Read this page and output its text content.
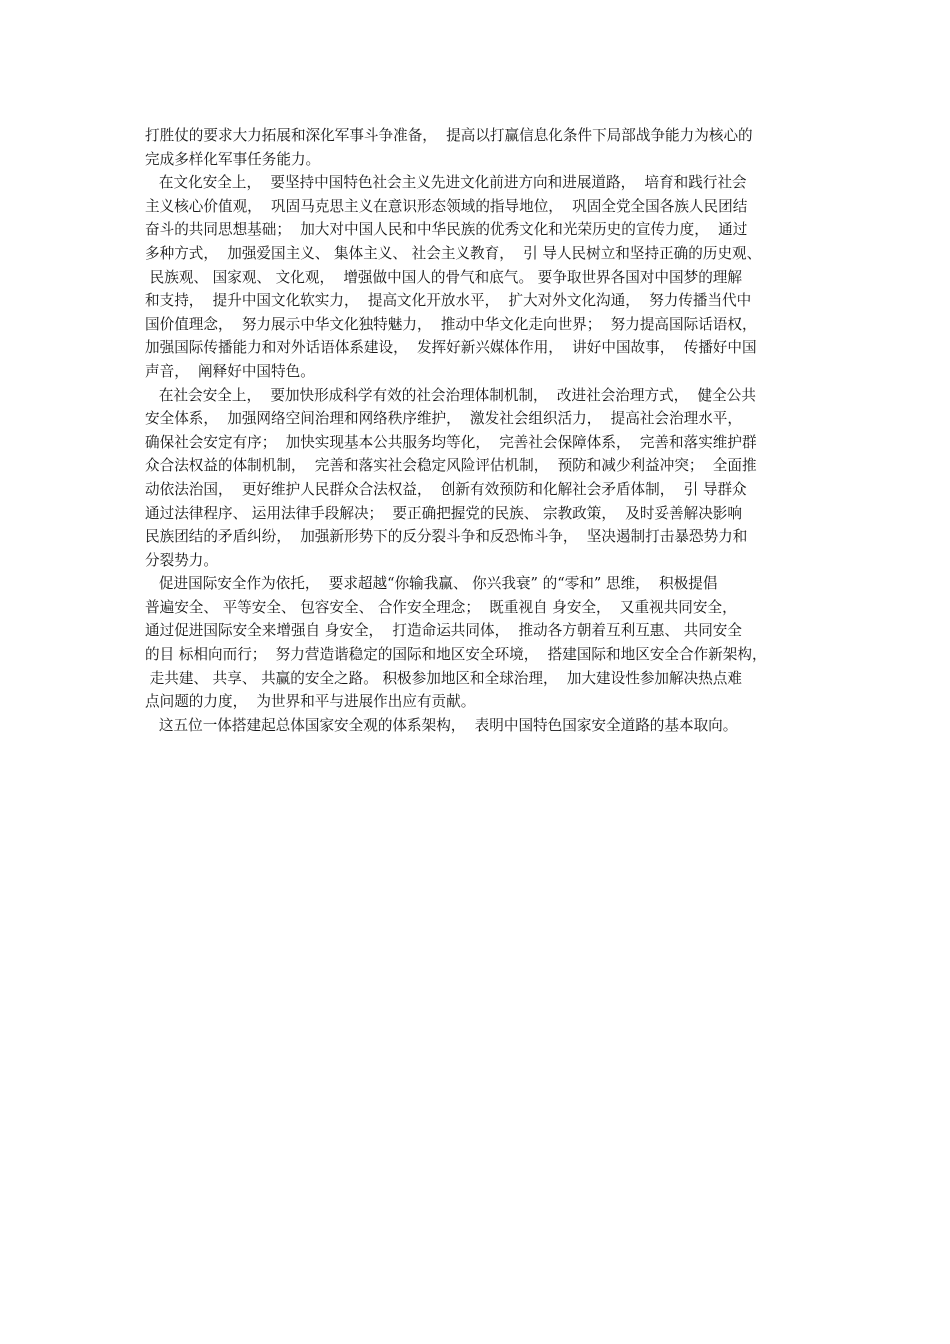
打胜仗的要求大力拓展和深化军事斗争准备，  提高以打赢信息化条件下局部战争能力为核心的
完成多样化军事任务能力。
在文化安全上，  要坚持中国特色社会主义先进文化前进方向和进展道路，  培育和践行社会
主义核心价值观，  巩固马克思主义在意识形态领域的指导地位，  巩固全党全国各族人民团结
奋斗的共同思想基础；  加大对中国人民和中华民族的优秀文化和光荣历史的宣传力度，  通过
多种方式，  加强爱国主义、 集体主义、 社会主义教育，  引 导人民树立和坚持正确的历史观、
民族观、 国家观、 文化观，  增强做中国人的骨气和底气。 要争取世界各国对中国梦的理解
和支持，  提升中国文化软实力，  提高文化开放水平，  扩大对外文化沟通，  努力传播当代中
国价值理念，  努力展示中华文化独特魅力，  推动中华文化走向世界；  努力提高国际话语权，
加强国际传播能力和对外话语体系建设，  发挥好新兴媒体作用，  讲好中国故事，  传播好中国
声音，  阐释好中国特色。
在社会安全上，  要加快形成科学有效的社会治理体制机制，  改进社会治理方式，  健全公共
安全体系，  加强网络空间治理和网络秩序维护，  激发社会组织活力，  提高社会治理水平，
确保社会安定有序；  加快实现基本公共服务均等化，  完善社会保障体系，  完善和落实维护群
众合法权益的体制机制，  完善和落实社会稳定风险评估机制，  预防和减少利益冲突；  全面推
动依法治国，  更好维护人民群众合法权益，  创新有效预防和化解社会矛盾体制，  引 导群众
通过法律程序、 运用法律手段解决；  要正确把握党的民族、 宗教政策，  及时妥善解决影响
民族团结的矛盾纠纷，  加强新形势下的反分裂斗争和反恐怖斗争，  坚决遏制打击暴恐势力和
分裂势力。
促进国际安全作为依托，  要求超越“你输我赢、 你兴我衰” 的“零和” 思维，  积极提倡
普遍安全、 平等安全、 包容安全、 合作安全理念；  既重视自 身安全，  又重视共同安全，
通过促进国际安全来增强自 身安全，  打造命运共同体，  推动各方朝着互利互惠、 共同安全
的目 标相向而行；  努力营造谐稳定的国际和地区安全环境，  搭建国际和地区安全合作新架构，
走共建、 共享、 共赢的安全之路。 积极参加地区和全球治理，  加大建设性参加解决热点难
点问题的力度，  为世界和平与进展作出应有贡献。
这五位一体搭建起总体国家安全观的体系架构，  表明中国特色国家安全道路的基本取向。
